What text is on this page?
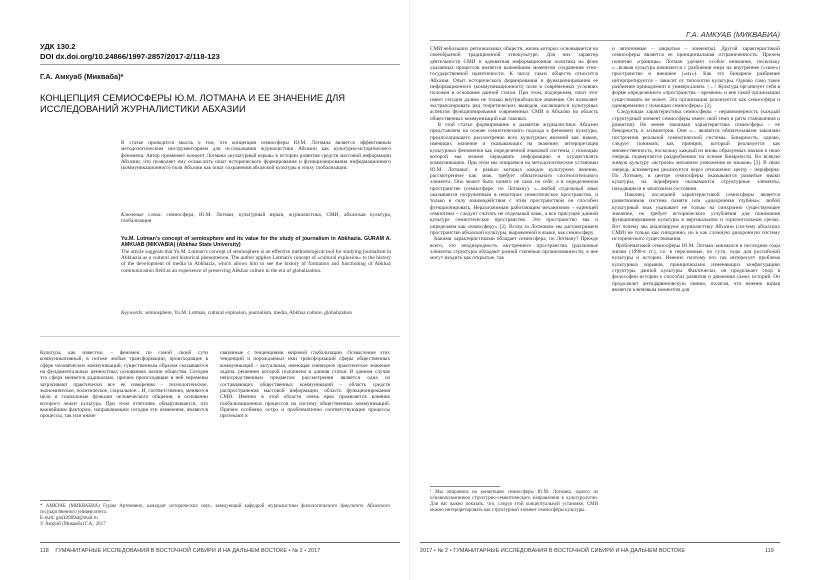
УДК 130.2
DOI dx.doi.org/10.24866/1997-2857/2017-2/118-123
Г.А. Амкуаб (Микваба)*
КОНЦЕПЦИЯ СЕМИОСФЕРЫ Ю.М. ЛОТМАНА И ЕЕ ЗНАЧЕНИЕ ДЛЯ ИССЛЕДОВАНИЙ ЖУРНАЛИСТИКИ АБХАЗИИ
В статье проводится мысль о том, что концепция семиосферы Ю.М. Лотмана является эффективным методологическим инструментарием для исследования журналистики Абхазии как культурно-исторического феномена. Автор применяет концепт Лотмана «культурный взрыв» к истории развития средств массовой информации Абхазии, что позволяет ему осмыслить опыт исторического формирования и функционирования информационного (коммуникационного) поля Абхазии как опыт сохранения абхазской культуры в эпоху глобализации.
Ключевые слова: семиосфера, Ю.М. Лотман, культурный взрыв, журналистика, СМИ, абхазская культура, глобализация
Yu.M. Lotman's concept of semiosphere and its value for the study of journalism in Abkhazia. GURAM A. AMKUAB (MIKVABIA) (Abkhaz State University)
The article suggests that Yu.M. Lotman's concept of semiosphere is an effective methodological tool for studying journalism in Abkhazia as a cultural and historical phenomenon. The author applies Lotman's concept of «cultural explosion» to the history of the development of media in Abkhazia, which allows him to see the history of formation and functioning of Abkhaz communication field as an experience of preserving Abkhaz culture in the era of globalization.
Keywords: semiosphere, Yu.M. Lotman, cultural explosion, journalism, media, Abkhaz culture, globalization

Культура, как известно, – феномен по самой своей сути коммуникативный, в потоке любые трансформации, происходящие в сфере человеческих коммуникаций, существенным образом сказываются на фундаментальных ценностных основаниях жизни общества. Сегодня эта сфера меняется радикально, причем происходящие в ней перемены затрагивают практически все ее измерения – технологическое, экономическое, политическое, социальное... И, соответственно, меняются цели и социальные функции человеческого общения, в основании которого лежит культура. При этом отчетливо обнаруживается, что важнейшим фактором, направляющим сегодня эти изменения, являются процессы, так или иначе

связанные с тенденциями мировой глобализации. Осмысление этих тенденций и порождаемых ими трансформаций сферы общественных коммуникаций – актуальная, имеющая очевидное практическое значение задача, решению которой подчинена и данная статья. В данном случае непосредственным предметом рассмотрения является одна из составляющих общественных коммуникаций – область средств распространения массовой информации, область функционирования СМИ. Именно в этой области очень ярко проявляется влияние глобализационных процессов на систему общественных коммуникаций. Причем особенно остро и проблематично соответствующие процессы протекают в

* АМКУАБ (МИКВАБИА) Гурам Артемович, кандидат исторических наук, заведующий кафедрой журналистики филологического факультета Абхазского государственного университета.
E-mail: garik2009at@mail.ru
© Амкуаб (Микваба) Г.А., 2017
118 ГУМАНИТАРНЫЕ ИССЛЕДОВАНИЯ В ВОСТОЧНОЙ СИБИРИ И НА ДАЛЬНЕМ ВОСТОКЕ • № 2 • 2017
Г.А. АМКУАБ (МИКВАБИА)
СМИ небольших региональных обществ, жизнь которых основывается на своеобразной традиционной этнокультуре. Для них характер деятельности СМИ и адекватная информационная политика на фоне указанных процессов является важнейшим моментом сохранения этно-государственной идентичности. К числу таких обществ относится Абхазия. Опыт исторического формирования и функционирования ее информационного (коммуникационного) поля в современных условиях положен в основание данной статьи. При этом, подчеркнем, опыт этот имеет сегодня далеко не только внутриабхазское значение. Он позволяет экстраполировать ряд теоретических выводов, касающихся культурных аспектов функционирования современных СМИ в Абхазии на область общественных коммуникаций как таковых.
В этой статье формирование и развитие журналистики Абхазии представлено на основе семиотического подхода к феномену культуры, предполагающего рассмотрение всех культурных явлений как знаков, имеющих значение и указывающих на значение; интерпретация культурных феноменов как определенной языковой системы, с помощью которой мы можем передавать информацию и осуществлять коммуникацию. При этом мы опираемся на методологические установки Ю.М. Лотмана¹, в рамках которых каждое культурное явление, рассмотренное как знак, требует обязательного соотносительного элемента. Оно может быть понято не само по себе, а в определенном пространстве (семиосфере, по Лотману). «...любой отдельный язык оказывается погруженным в некоторое семиотическое пространство, и только в силу взаимодействия с этим пространством он способен функционировать. Неразложимым работающим механизмом – единицей семиотики – следует считать не отдельный язык, а все присущее данной культуре семиотическое пространство. Это пространство мы и определяем как семиосферу» [3]. Вслед за Лотманом мы рассматриваем пространство абхазской культуры, выраженной в языке, как семиосферу.
Какими характеристиками обладает семиосфера, по Лотману? Прежде всего, это неоднородность внутреннего пространства (различные элементы структуры обладают разной степенью организованности, в нее могут входить как открытые, так
и автономные – закрытые – элементы). Другой характеристикой семиосферы является ее принципиальная отграниченность. Причем понятию «границы» Лотман уделяет особое внимание, поскольку «...всякая культура начинается с разбиения мира на внутреннее («свое») пространство и внешнее («их»). Как это бинарное разбиение интерпретируется – зависит от типологии культуры. Однако само такое разбиение принадлежит к универсалиям. <...> Культура организует себя в форме определенного «пространства – времени» и вне такой организации существовать не может. Эта организация реализуется как семиосфера и одновременно с помощью семиосферы» [3].
Следующая характеристика семиосферы – неравномерность (каждый структурный элемент семиосферы имеет свой темп и ритм становления и развития). Не менее значимая характеристика семиосферы – ее бинарность и асимметрия. Они «... являются обязательными законами построения реальной семиотической системы. Бинарность, однако, следует понимать как принцип, который реализуется как множественность, поскольку каждый из вновь образуемых языков в свою очередь подвергается раздроблению на основе бинарности. Во всякую живую культуру «встроен» механизм умножения ее языков» [3]. В свою очередь асимметрия реализуется через отношение: центр – периферия. По Лотману, в центре семиосферы оказываются развитые языки культуры, на периферии оказываются структурные элементы, находящиеся в зачаточном состоянии.
Наконец, последней характеристикой семиосферы является разветвленная система памяти или «диахронная глубина»: любой культурный знак указывает не только на синхронно существующее значение, но требует исторического углубления для понимания функционирования культуры в вертикальном и горизонтальном срезах. Вот почему мы анализируем журналистику Абхазии (систему абхазских СМИ) не только как синхронно, но и как сложную диахронную систему исторического существования.
Проблематикой семиосферы Ю.М. Лотман занимался в последние годы жизни (1990-е гг.), т.е. в переломные, по сути, годы для российской культуры и истории. Именно поэтому его так интересует проблема культурных взрывов, принципиально изменяющих конфигурацию структуры данной культуры. Фактически, он продолжает спор в философии истории о способах развития и движения самих историй. Он продолжает антидарвиновскую линию, полагая, что именно взрыв является ключевым моментом для

¹ Мы опираемся на концепцию семиосферы Ю.М. Лотмана, одного из основоположников структурно-семиотического направления в культурологии. Для нас важно показать, что, следуя этой концептуальной установке, СМИ можно интерпретировать как структурный элемент семиосферы культуры.

2017 • № 2 • ГУМАНИТАРНЫЕ ИССЛЕДОВАНИЯ В ВОСТОЧНОЙ СИБИРИ И НА ДАЛЬНЕМ ВОСТОКЕ	119
